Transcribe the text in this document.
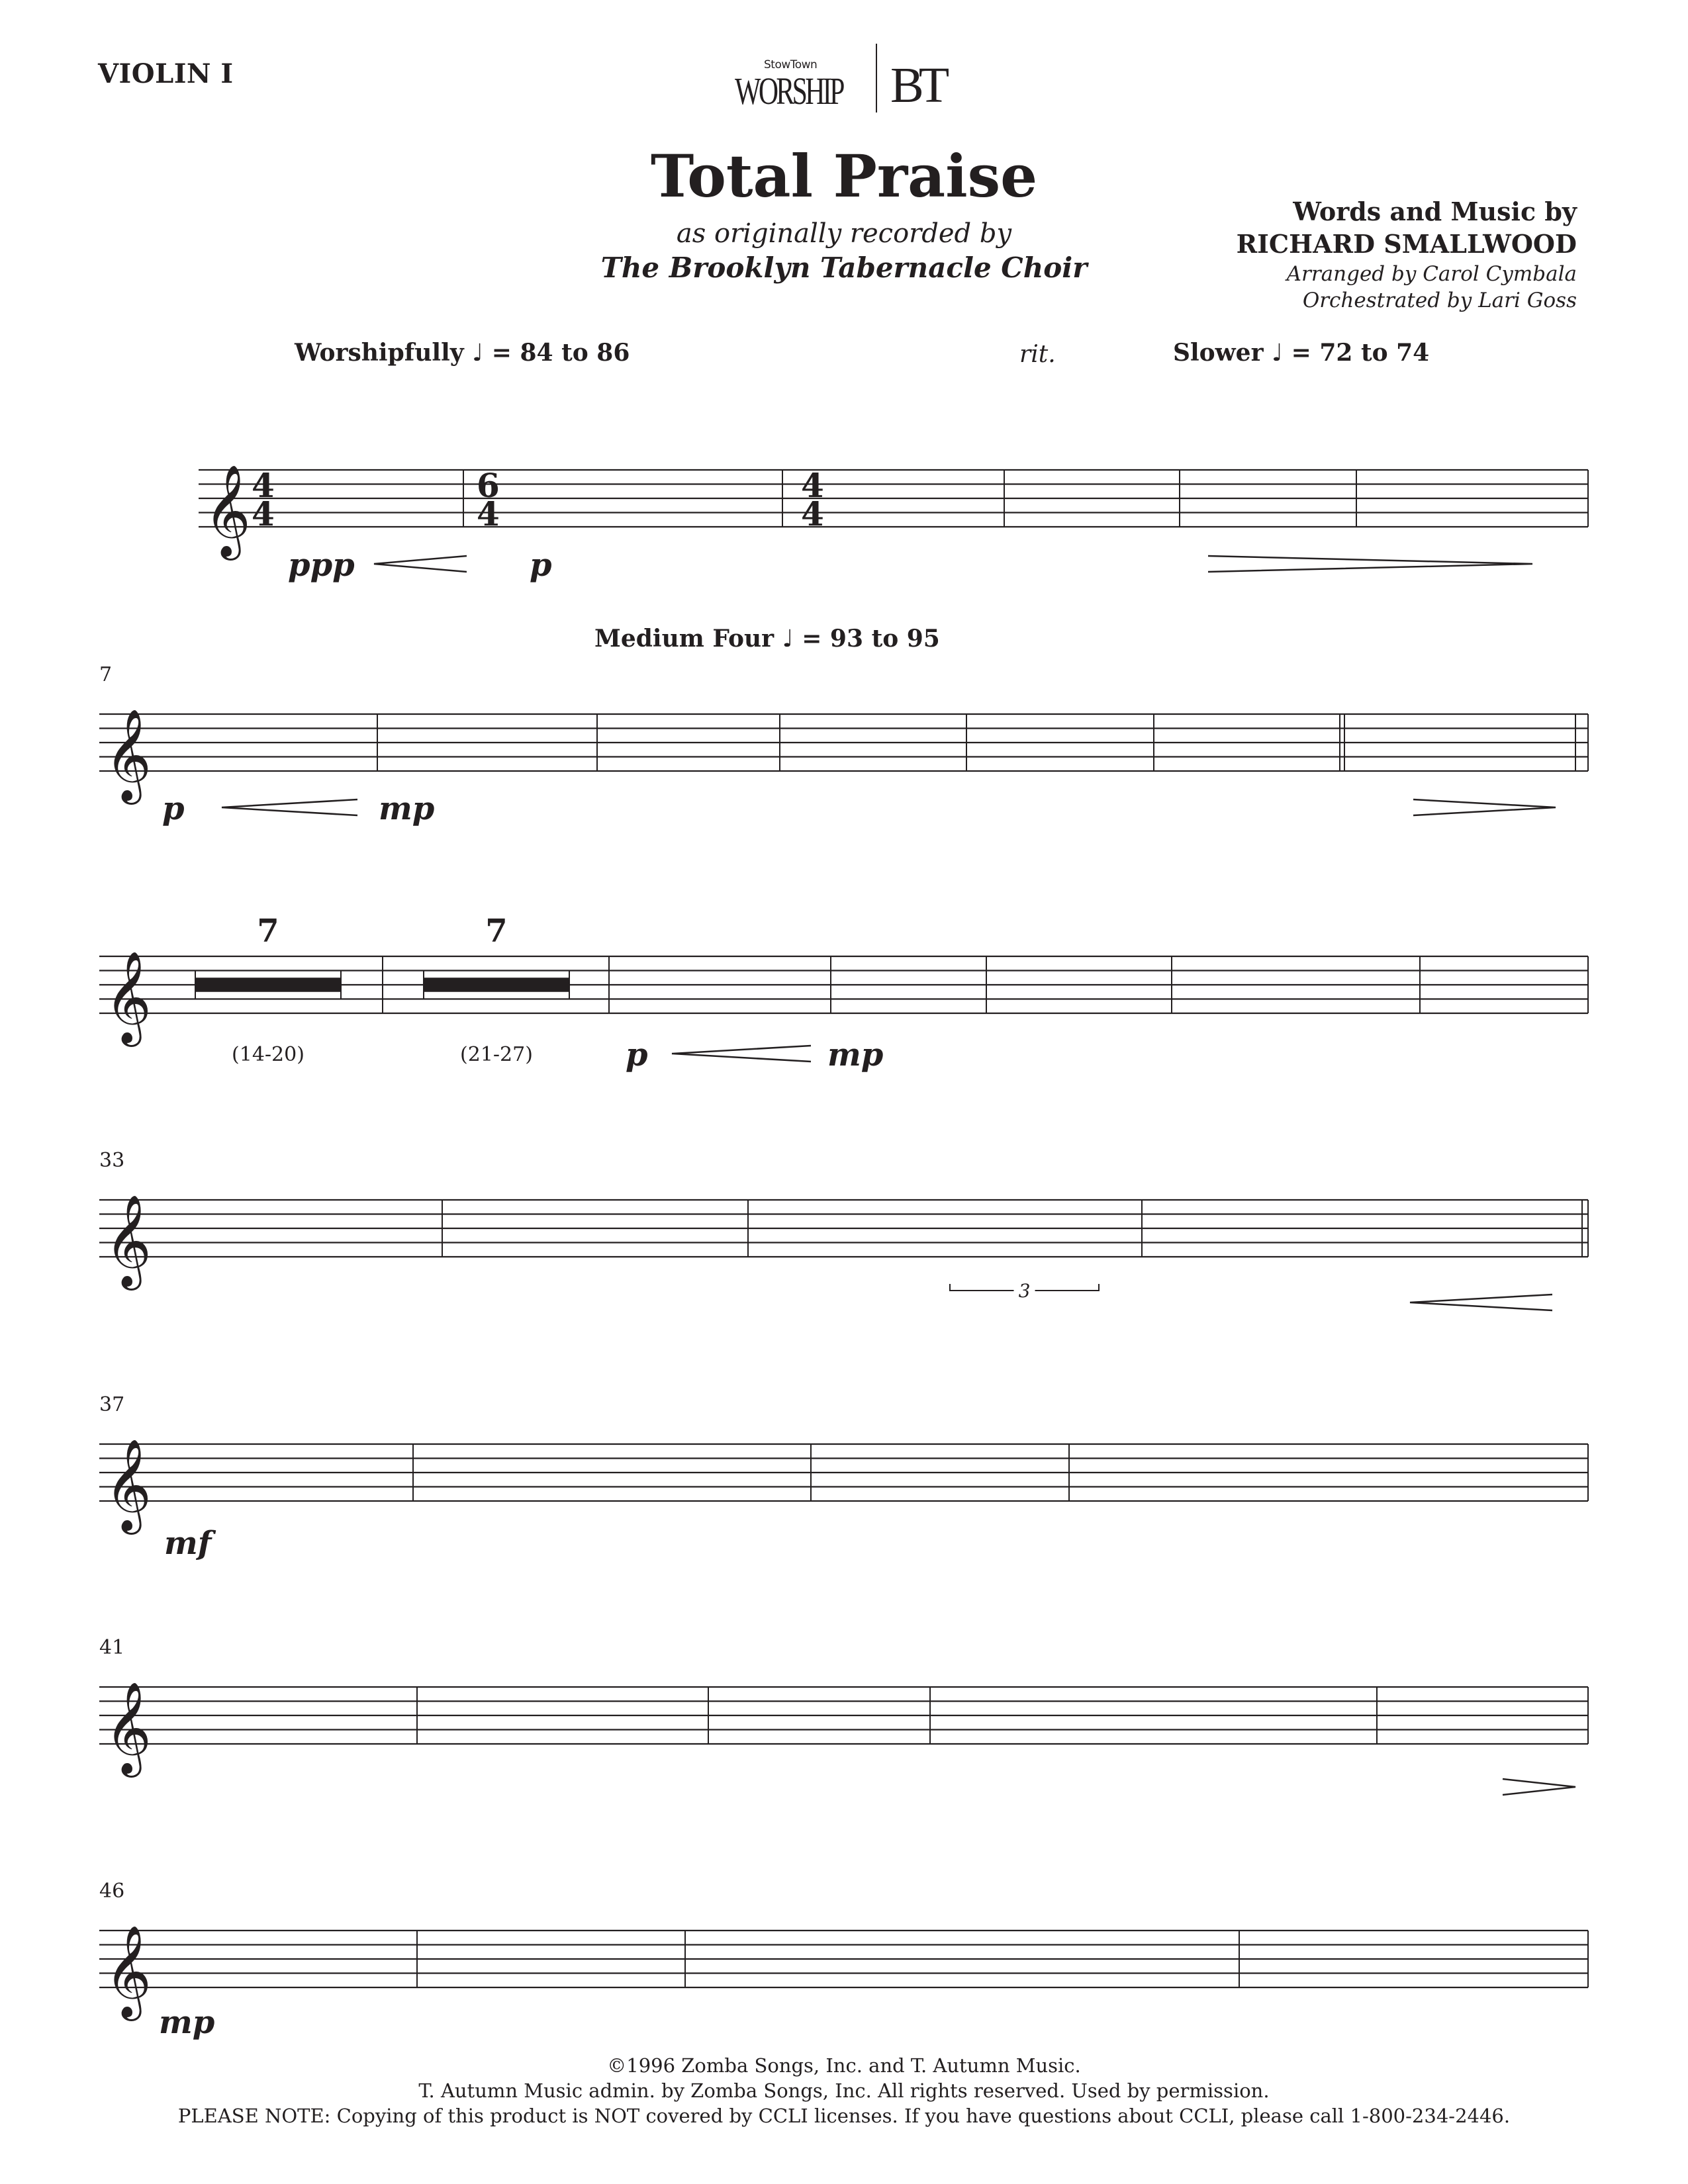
VIOLIN I	StowTown
WORSHIP BT
Total Praise
as originally recorded by
The Brooklyn Tabernacle Choir
Words and Music by
RICHARD SMALLWOOD
Arranged by Carol Cymbala
Orchestrated by Lari Goss
Worshipfully ♩ = 84 to 86	rit.	Slower ♩ = 72 to 74
Medium Four ♩ = 93 to 95
𝄞 4
4
6
4
4
4
ppp	p
𝄞
7
p	mp
𝄞
7
(14-20)
7
(21-27)	p	mp
𝄞
33
3
𝄞
37
mf
𝄞
41
𝄞
46
mp
©1996 Zomba Songs, Inc. and T. Autumn Music.
T. Autumn Music admin. by Zomba Songs, Inc. All rights reserved. Used by permission.
PLEASE NOTE: Copying of this product is NOT covered by CCLI licenses. If you have questions about CCLI, please call 1-800-234-2446.
